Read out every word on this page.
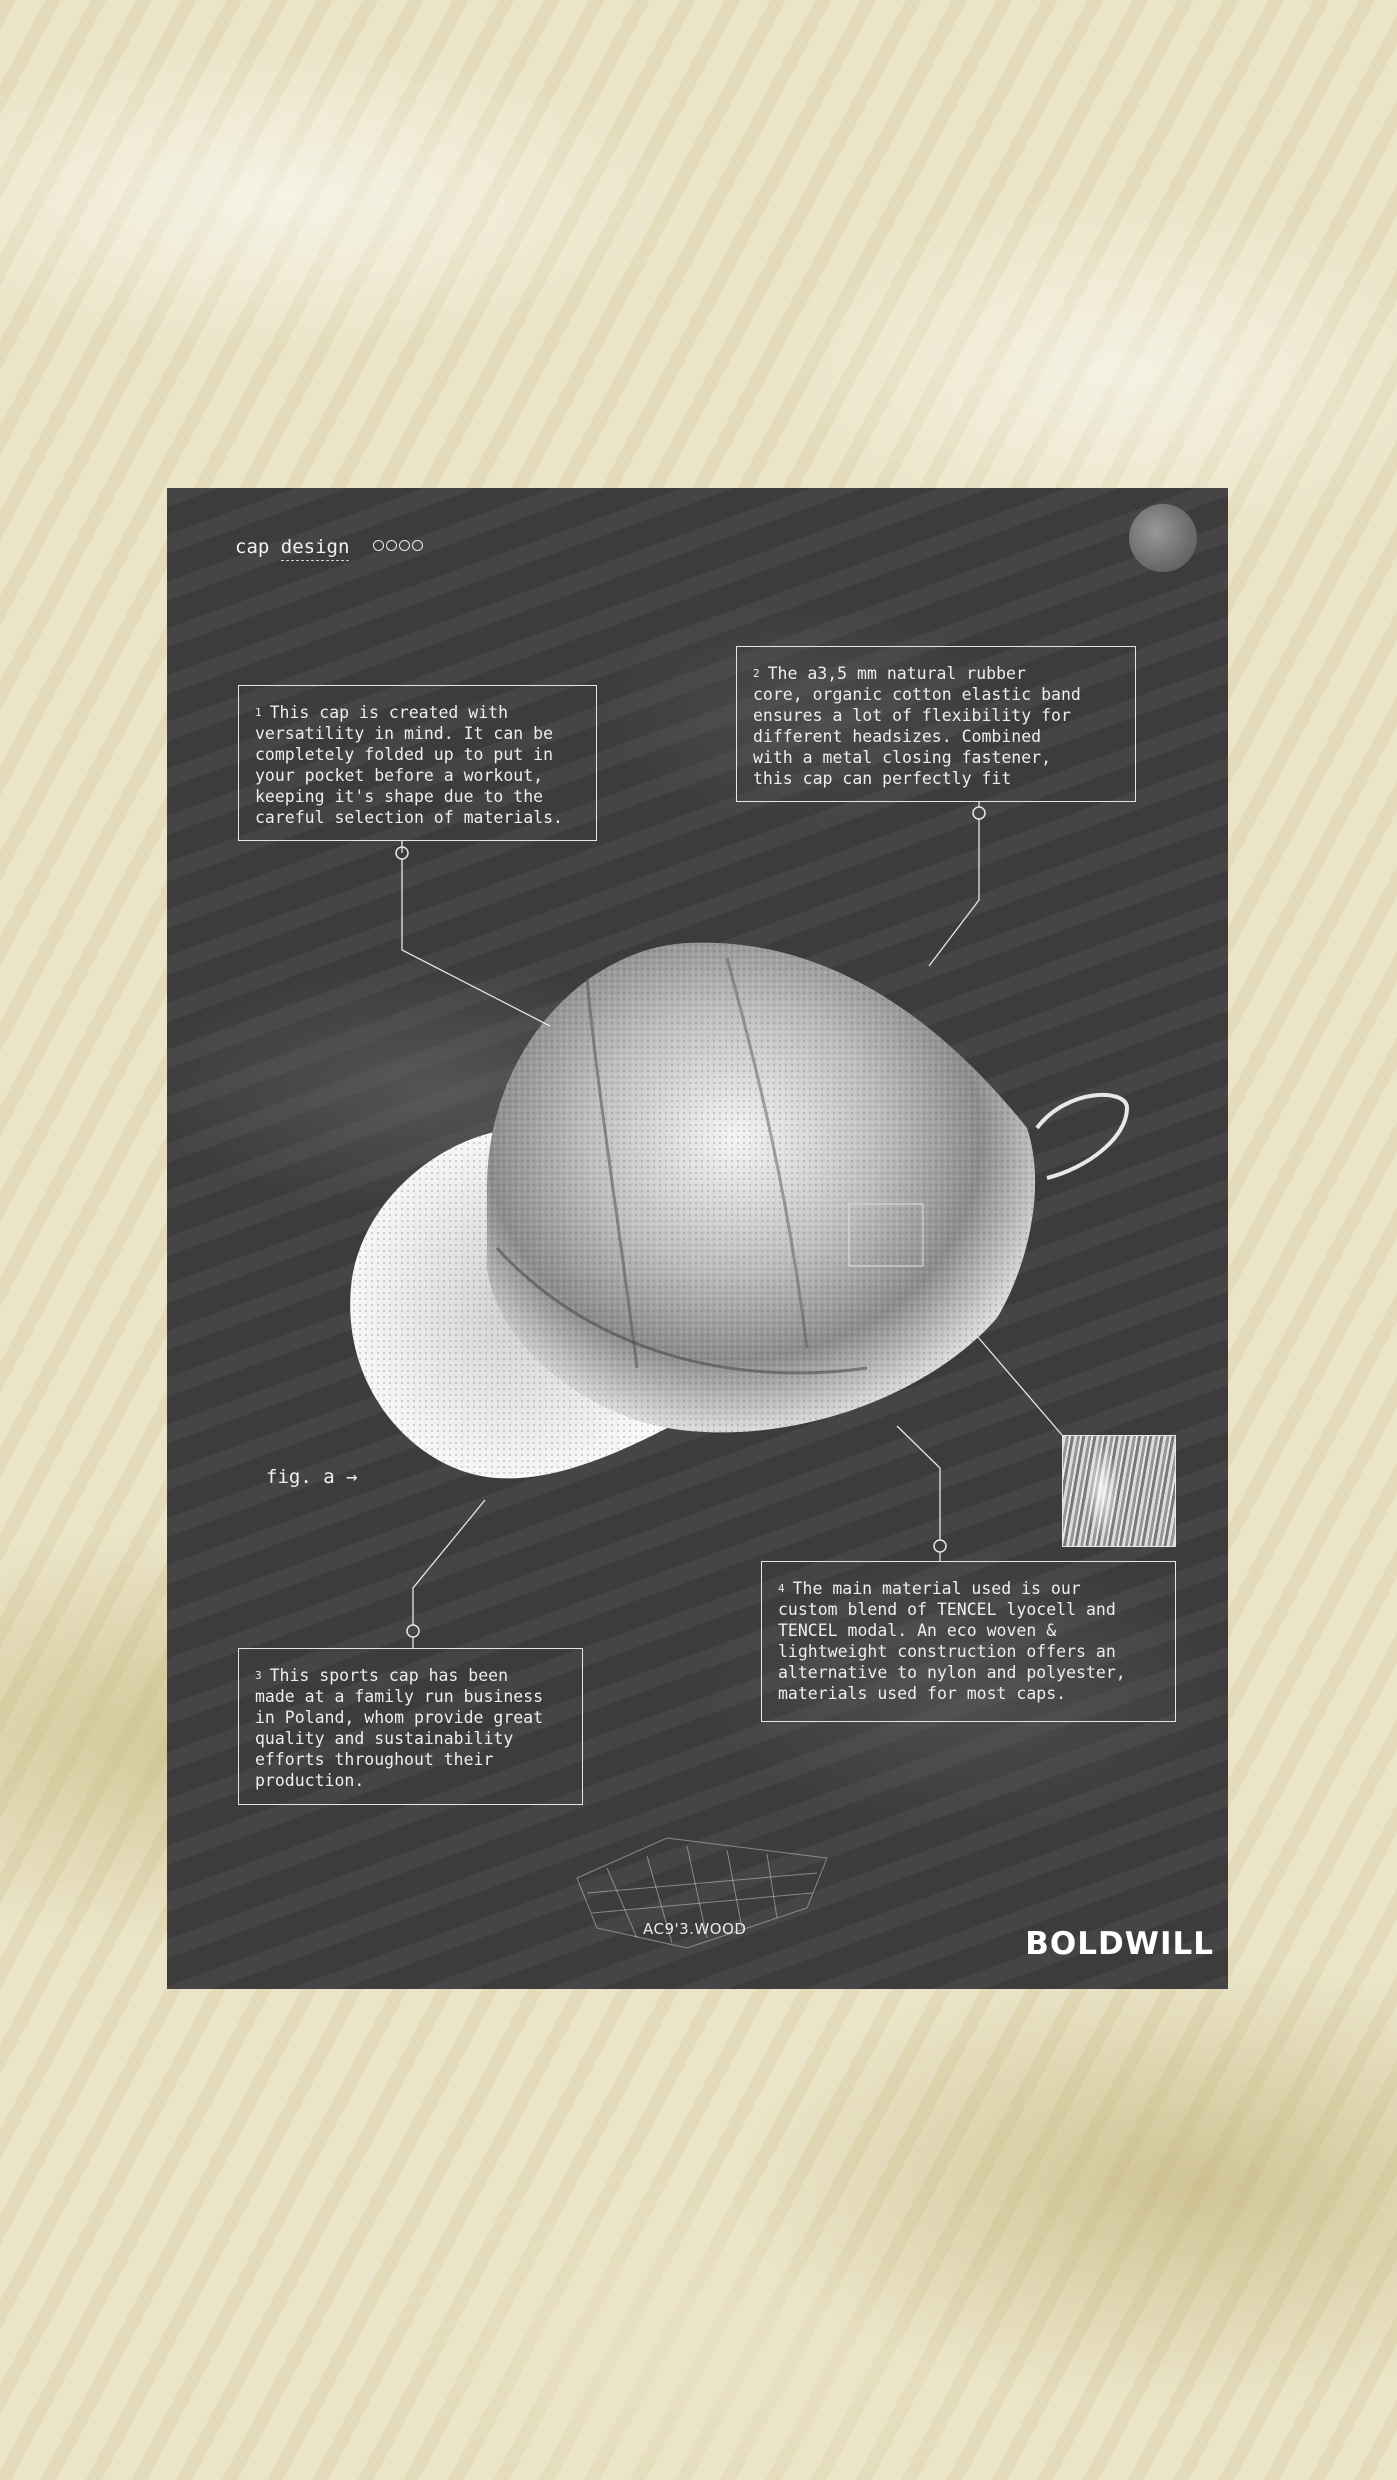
cap design
1 This cap is created with
versatility in mind. It can be
completely folded up to put in
your pocket before a workout,
keeping it's shape due to the
careful selection of materials.
2 The a3,5 mm natural rubber
core, organic cotton elastic band
ensures a lot of flexibility for
different headsizes. Combined
with a metal closing fastener,
this cap can perfectly fit
3 This sports cap has been
made at a family run business
in Poland, whom provide great
quality and sustainability
efforts throughout their
production.
4 The main material used is our
custom blend of TENCEL lyocell and
TENCEL modal. An eco woven &
lightweight construction offers an
alternative to nylon and polyester,
materials used for most caps.
fig. a →
AC9'3.WOOD	BOLDWILL
